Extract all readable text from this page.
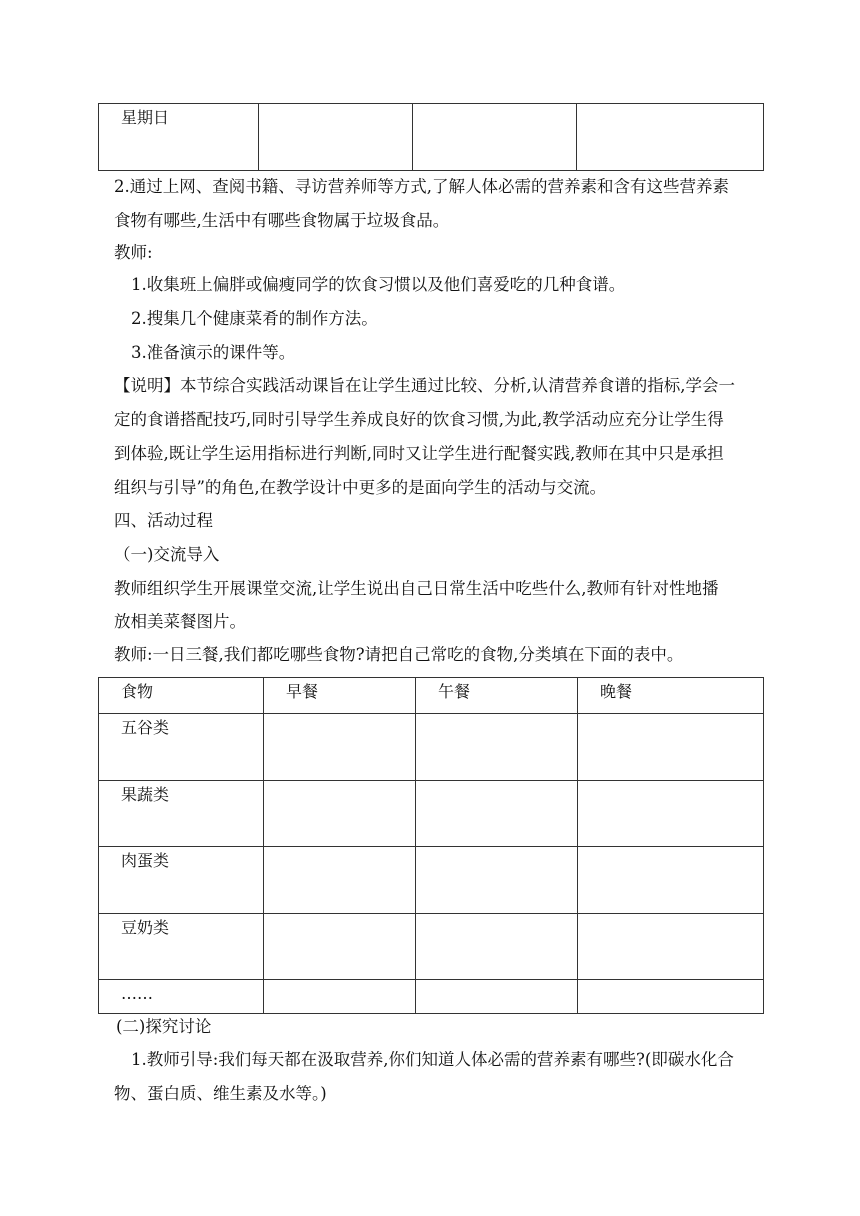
星期日

2.通过上网、查阅书籍、寻访营养师等方式,了解人体必需的营养素和含有这些营养素
食物有哪些,生活中有哪些食物属于垃圾食品。
教师:
1.收集班上偏胖或偏瘦同学的饮食习惯以及他们喜爱吃的几种食谱。
2.搜集几个健康菜肴的制作方法。
3.准备演示的课件等。
【说明】本节综合实践活动课旨在让学生通过比较、分析,认清营养食谱的指标,学会一
定的食谱搭配技巧,同时引导学生养成良好的饮食习惯,为此,教学活动应充分让学生得
到体验,既让学生运用指标进行判断,同时又让学生进行配餐实践,教师在其中只是承担
组织与引导”的角色,在教学设计中更多的是面向学生的活动与交流。
四、活动过程
（一)交流导入
教师组织学生开展课堂交流,让学生说出自己日常生活中吃些什么,教师有针对性地播
放相美菜餐图片。
教师:一日三餐,我们都吃哪些食物?请把自己常吃的食物,分类填在下面的表中。
食物	早餐	午餐	晚餐

五谷类			

果蔬类			

肉蛋类			

豆奶类			

……			

(二)探究讨论
1.教师引导:我们每天都在汲取营养,你们知道人体必需的营养素有哪些?(即碳水化合
物、蛋白质、维生素及水等。)
